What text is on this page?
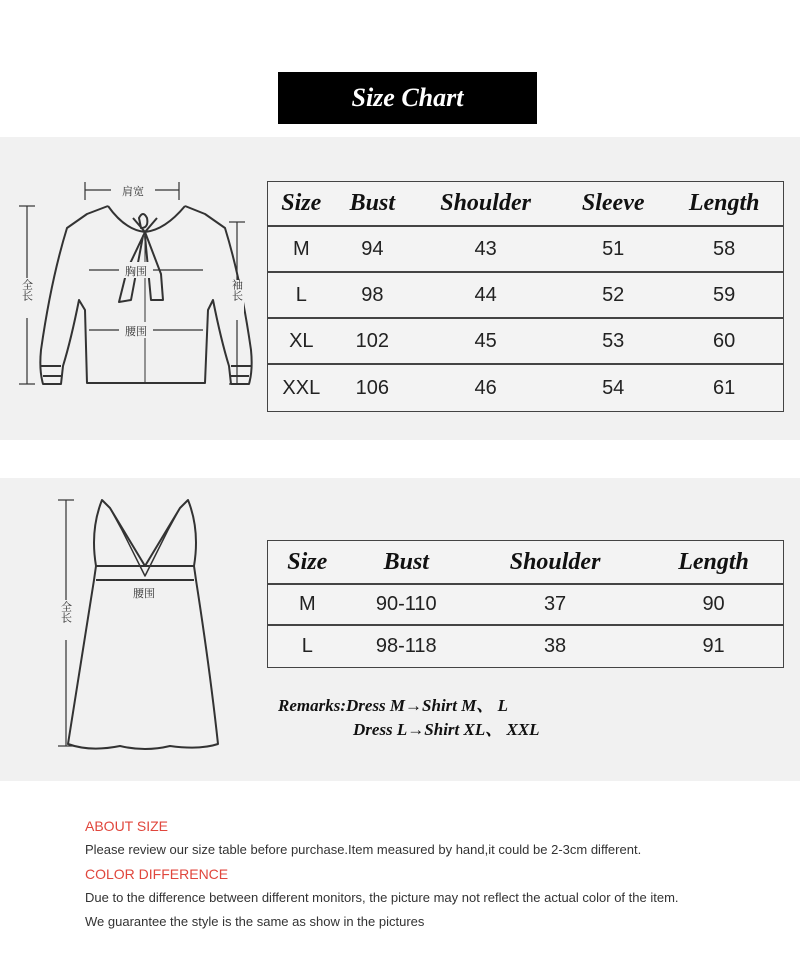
Size Chart
肩宽
胸围
腰围
全长	袖长
Size	Bust	Shoulder	Sleeve	Length
M	94	43	51	58
L	98	44	52	59
XL	102	45	53	60
XXL	106	46	54	61
腰围
全长
Size	Bust	Shoulder	Length
M	90-110	37	90
L	98-118	38	91
Remarks:Dress M→Shirt M、 L
Dress L→Shirt XL、 XXL
ABOUT SIZE
Please review our size table before purchase.Item measured by hand,it could be 2-3cm different.
COLOR DIFFERENCE
Due to the difference between different monitors, the picture may not reflect the actual color of the item.
We guarantee the style is the same as show in the pictures
